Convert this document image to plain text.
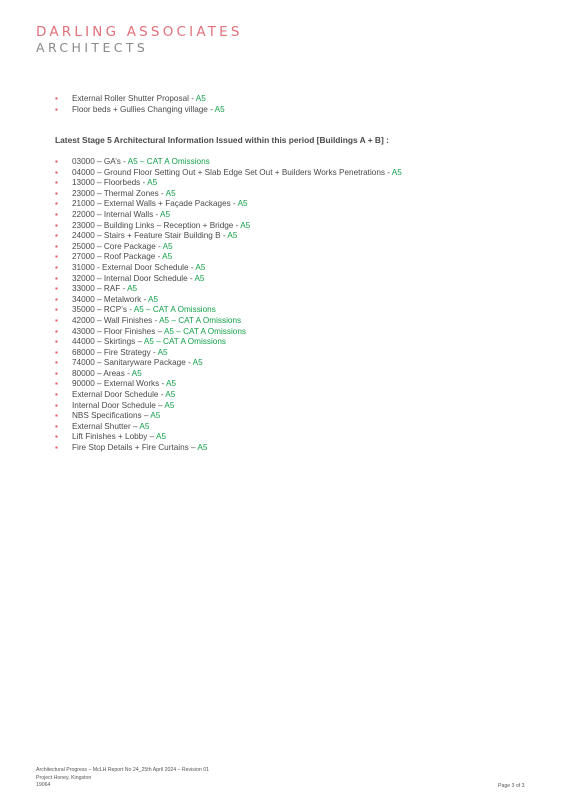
DARLING ASSOCIATES
ARCHITECTS
▪ External Roller Shutter Proposal - A5
▪ Floor beds + Gullies Changing village - A5
Latest Stage 5 Architectural Information Issued within this period [Buildings A + B] :
▪ 03000 – GA’s - A5 – CAT A Omissions
▪ 04000 – Ground Floor Setting Out + Slab Edge Set Out + Builders Works Penetrations - A5
▪ 13000 – Floorbeds - A5
▪ 23000 – Thermal Zones - A5
▪ 21000 – External Walls + Façade Packages - A5
▪ 22000 – Internal Walls - A5
▪ 23000 – Building Links – Reception + Bridge - A5
▪ 24000 – Stairs + Feature Stair Building B - A5
▪ 25000 – Core Package - A5
▪ 27000 – Roof Package - A5
▪ 31000 - External Door Schedule - A5
▪ 32000 – Internal Door Schedule - A5
▪ 33000 – RAF - A5
▪ 34000 – Metalwork - A5
▪ 35000 – RCP’s - A5 – CAT A Omissions
▪ 42000 – Wall Finishes - A5 – CAT A Omissions
▪ 43000 – Floor Finishes – A5 – CAT A Omissions
▪ 44000 – Skirtings – A5 – CAT A Omissions
▪ 68000 – Fire Strategy - A5
▪ 74000 – Sanitaryware Package - A5
▪ 80000 – Areas - A5
▪ 90000 – External Works - A5
▪ External Door Schedule - A5
▪ Internal Door Schedule – A5
▪ NBS Specifications – A5
▪ External Shutter – A5
▪ Lift Finishes + Lobby – A5
▪ Fire Stop Details + Fire Curtains – A5
Architectural Progress – McLH Report No 24_25th April 2024 – Revision 01
Project Honey, Kingston
19064	Page 3 of 3
